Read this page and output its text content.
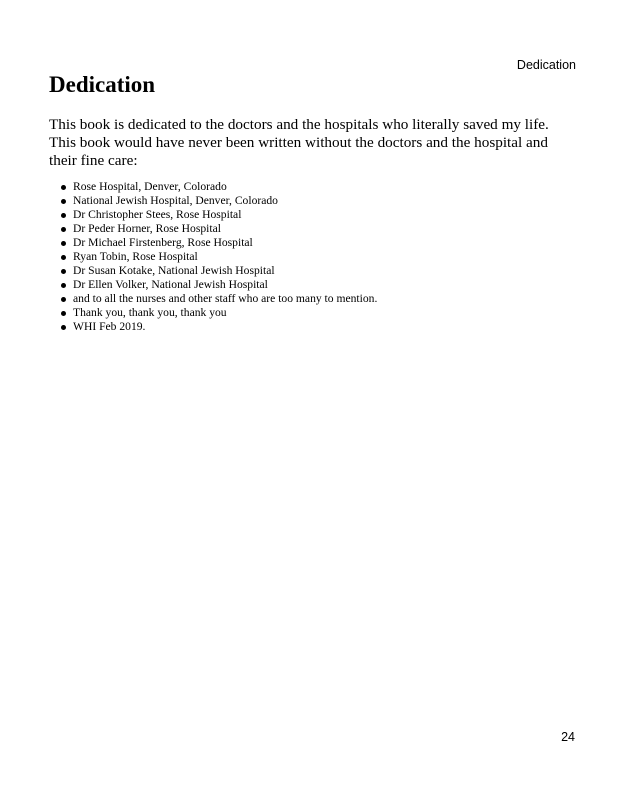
Dedication
Dedication

This book is dedicated to the doctors and the hospitals who literally saved my life. This book would have never been written without the doctors and the hospital and their fine care:

Rose Hospital, Denver, Colorado
National Jewish Hospital, Denver, Colorado
Dr Christopher Stees, Rose Hospital
Dr Peder Horner, Rose Hospital
Dr Michael Firstenberg, Rose Hospital
Ryan Tobin, Rose Hospital
Dr Susan Kotake, National Jewish Hospital
Dr Ellen Volker, National Jewish Hospital
and to all the nurses and other staff who are too many to mention.
Thank you, thank you, thank you
WHI Feb 2019.
24
